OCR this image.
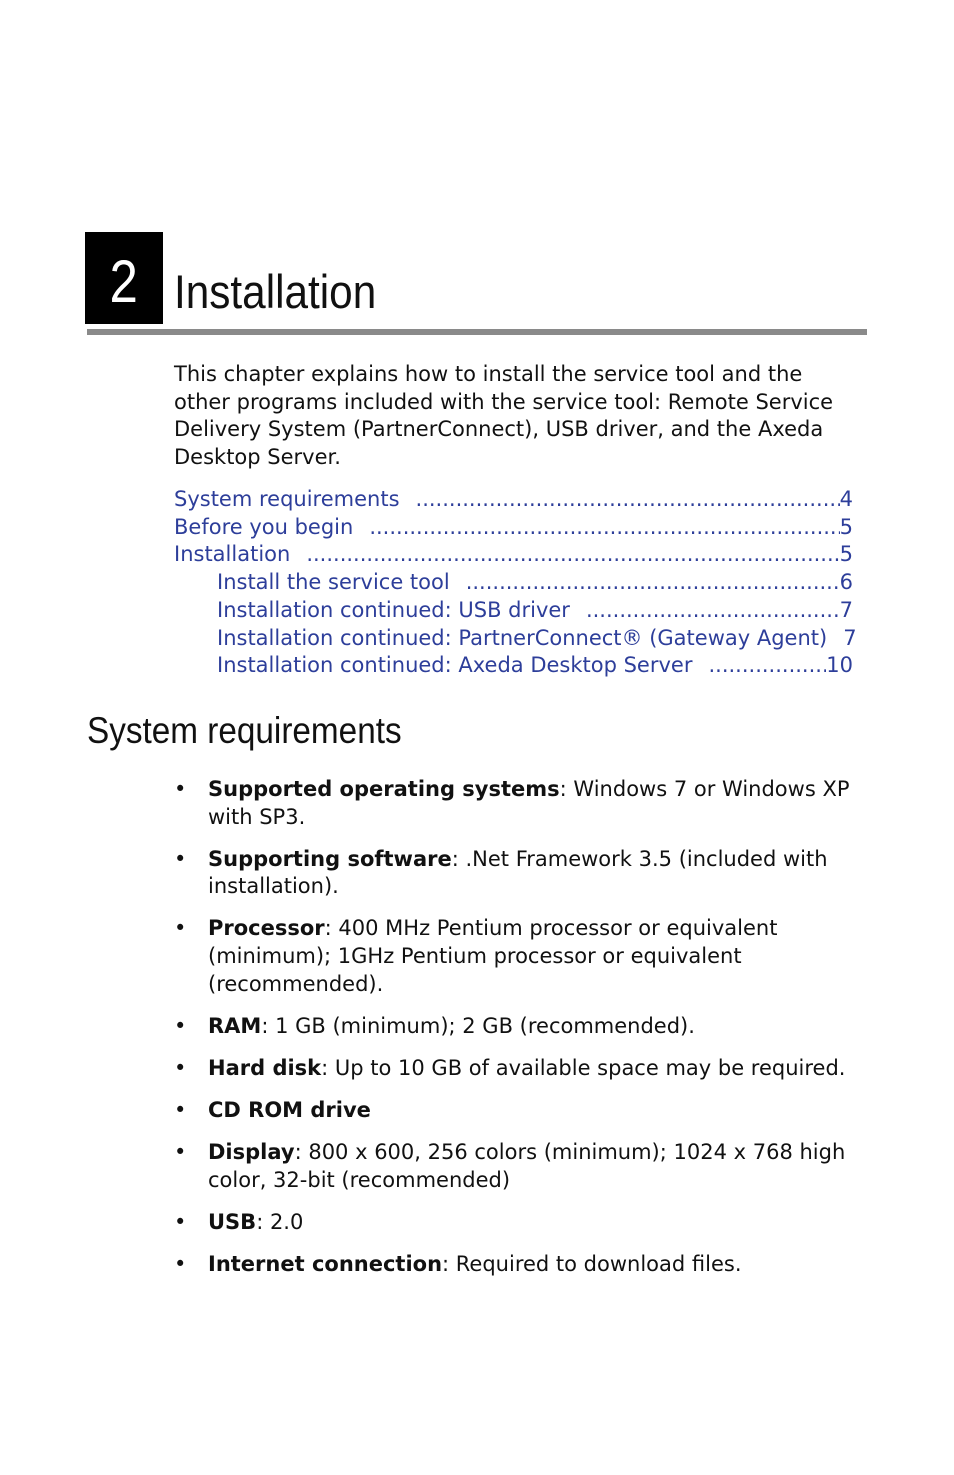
2 Installation

This chapter explains how to install the service tool and the other programs included with the service tool: Remote Service Delivery System (PartnerConnect), USB driver, and the Axeda Desktop Server.

System requirements .....	4
Before you begin .....	5
Installation .....	5
Install the service tool .....	6
Installation continued: USB driver .....	7
Installation continued: PartnerConnect® (Gateway Agent) 7
Installation continued: Axeda Desktop Server .....	10
System requirements
• Supported operating systems: Windows 7 or Windows XP with SP3.
• Supporting software: .Net Framework 3.5 (included with installation).
• Processor: 400 MHz Pentium processor or equivalent (minimum); 1GHz Pentium processor or equivalent (recommended).
• RAM: 1 GB (minimum); 2 GB (recommended).
• Hard disk: Up to 10 GB of available space may be required.
• CD ROM drive
• Display: 800 x 600, 256 colors (minimum); 1024 x 768 high color, 32-bit (recommended)
• USB: 2.0
• Internet connection: Required to download files.
